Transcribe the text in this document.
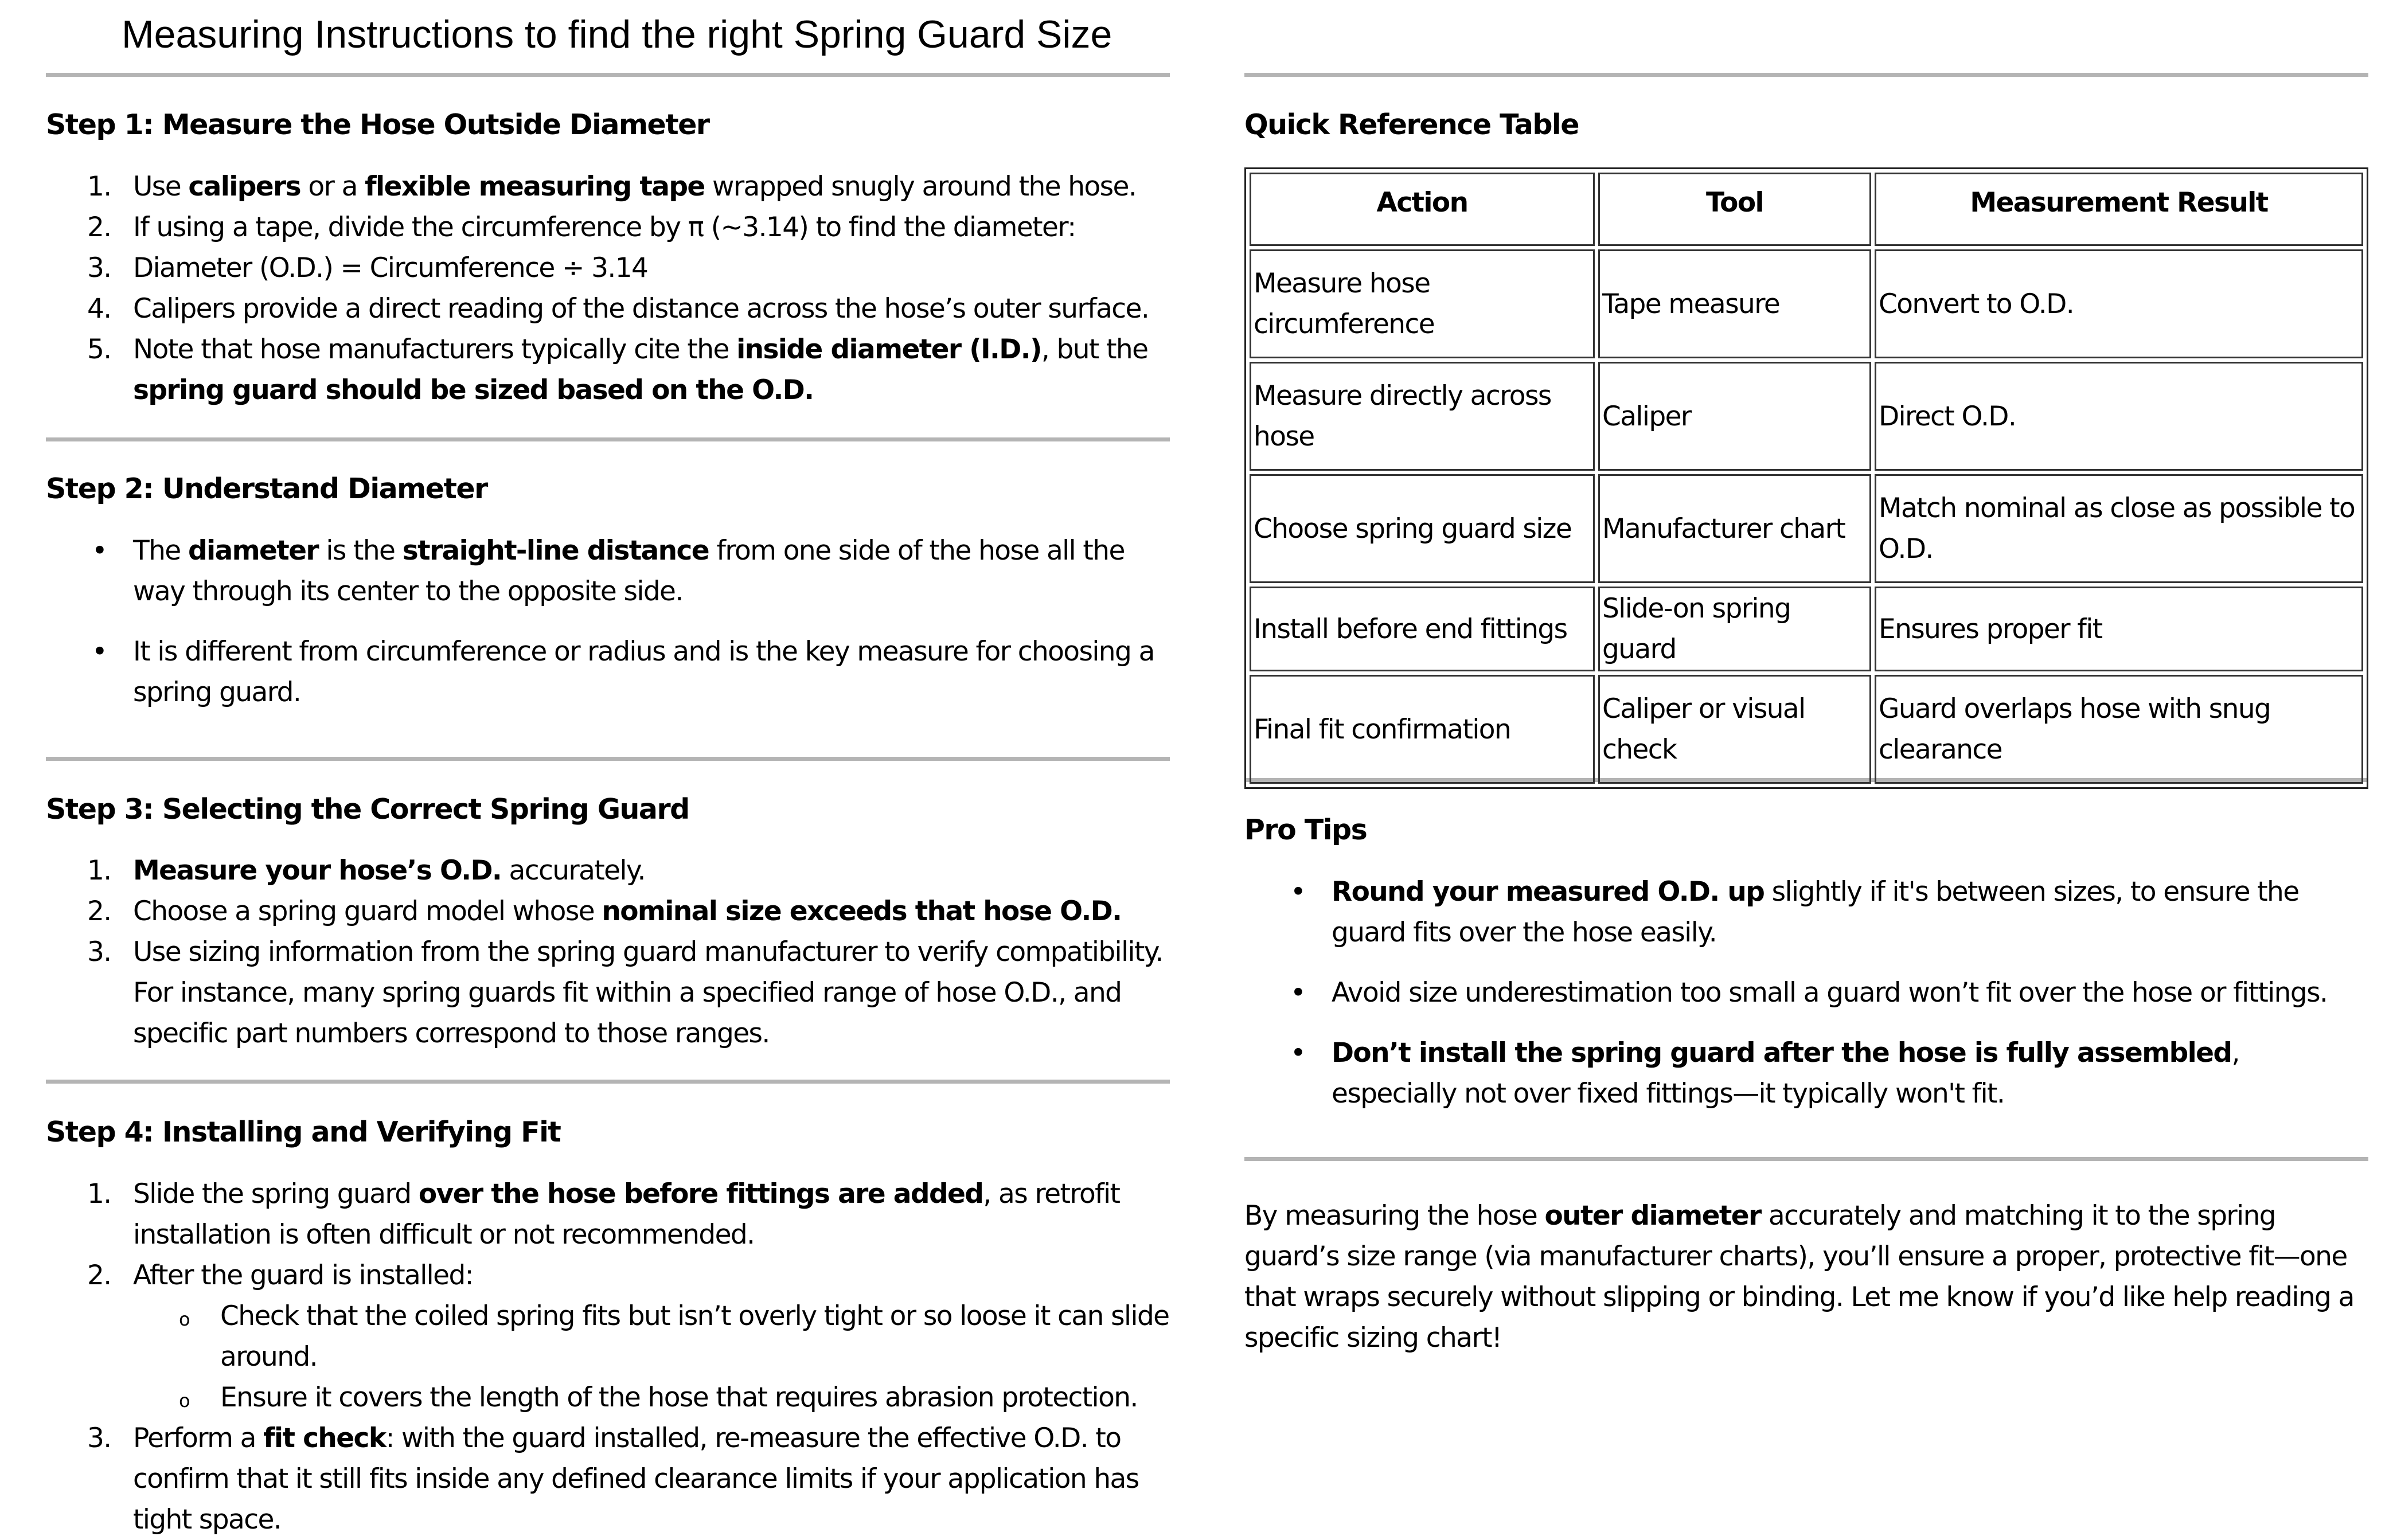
Measuring Instructions to find the right Spring Guard Size
Step 1: Measure the Hose Outside Diameter
1. Use calipers or a flexible measuring tape wrapped snugly around the hose.
2. If using a tape, divide the circumference by π (~3.14) to find the diameter:
3. Diameter (O.D.) = Circumference ÷ 3.14
4. Calipers provide a direct reading of the distance across the hose’s outer surface.
5. Note that hose manufacturers typically cite the inside diameter (I.D.), but the spring guard should be sized based on the O.D.
Step 2: Understand Diameter
• The diameter is the straight-line distance from one side of the hose all the way through its center to the opposite side.
• It is different from circumference or radius and is the key measure for choosing a spring guard.
Step 3: Selecting the Correct Spring Guard
1. Measure your hose’s O.D. accurately.
2. Choose a spring guard model whose nominal size exceeds that hose O.D.
3. Use sizing information from the spring guard manufacturer to verify compatibility. For instance, many spring guards fit within a specified range of hose O.D., and specific part numbers correspond to those ranges.
Step 4: Installing and Verifying Fit
1. Slide the spring guard over the hose before fittings are added, as retrofit installation is often difficult or not recommended.
2. After the guard is installed:
o Check that the coiled spring fits but isn’t overly tight or so loose it can slide around.
o Ensure it covers the length of the hose that requires abrasion protection.
3. Perform a fit check: with the guard installed, re-measure the effective O.D. to confirm that it still fits inside any defined clearance limits if your application has tight space.
Quick Reference Table
Action	Tool	Measurement Result
Measure hose circumference	Tape measure	Convert to O.D.
Measure directly across hose	Caliper	Direct O.D.
Choose spring guard size	Manufacturer chart	Match nominal as close as possible to O.D.
Install before end fittings	Slide-on spring guard	Ensures proper fit
Final fit confirmation	Caliper or visual check	Guard overlaps hose with snug clearance
Pro Tips
• Round your measured O.D. up slightly if it's between sizes, to ensure the guard fits over the hose easily.
• Avoid size underestimation too small a guard won’t fit over the hose or fittings.
• Don’t install the spring guard after the hose is fully assembled, especially not over fixed fittings—it typically won't fit.

By measuring the hose outer diameter accurately and matching it to the spring guard’s size range (via manufacturer charts), you’ll ensure a proper, protective fit—one that wraps securely without slipping or binding. Let me know if you’d like help reading a specific sizing chart!
